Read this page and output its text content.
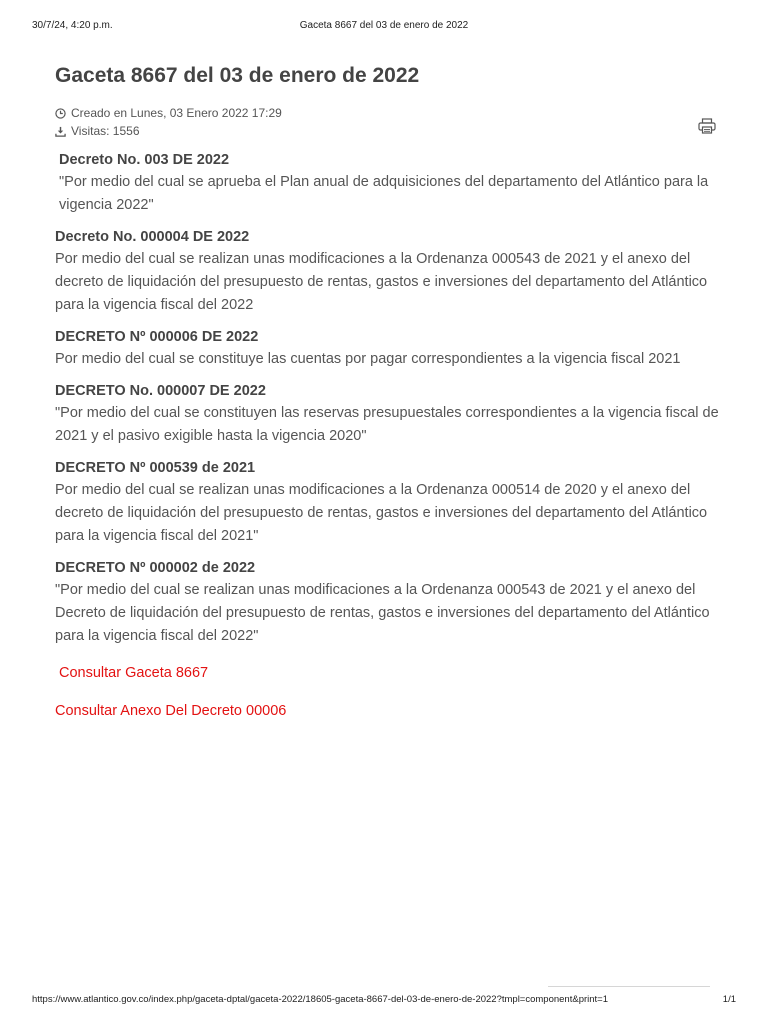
30/7/24, 4:20 p.m.	Gaceta 8667 del 03 de enero de 2022
Gaceta 8667 del 03 de enero de 2022
Creado en Lunes, 03 Enero 2022 17:29
Visitas: 1556
Decreto No. 003 DE 2022

"Por medio del cual se aprueba el Plan anual de adquisiciones del departamento del Atlántico para la vigencia 2022"

Decreto No. 000004 DE 2022

Por medio del cual se realizan unas modificaciones a la Ordenanza 000543 de 2021 y el anexo del decreto de liquidación del presupuesto de rentas, gastos e inversiones del departamento del Atlántico para la vigencia fiscal del 2022

DECRETO Nº 000006 DE 2022

Por medio del cual se constituye las cuentas por pagar correspondientes a la vigencia fiscal 2021

DECRETO No. 000007 DE 2022

"Por medio del cual se constituyen las reservas presupuestales correspondientes a la vigencia fiscal de 2021 y el pasivo exigible hasta la vigencia 2020"

DECRETO Nº 000539 de 2021

Por medio del cual se realizan unas modificaciones a la Ordenanza 000514 de 2020 y el anexo del decreto de liquidación del presupuesto de rentas, gastos e inversiones del departamento del Atlántico para la vigencia fiscal del 2021"

DECRETO Nº 000002 de 2022

"Por medio del cual se realizan unas modificaciones a la Ordenanza 000543 de 2021 y el anexo del Decreto de liquidación del presupuesto de rentas, gastos e inversiones del departamento del Atlántico para la vigencia fiscal del 2022"

Consultar Gaceta 8667
Consultar Anexo Del Decreto 00006
https://www.atlantico.gov.co/index.php/gaceta-dptal/gaceta-2022/18605-gaceta-8667-del-03-de-enero-de-2022?tmpl=component&print=1	1/1
